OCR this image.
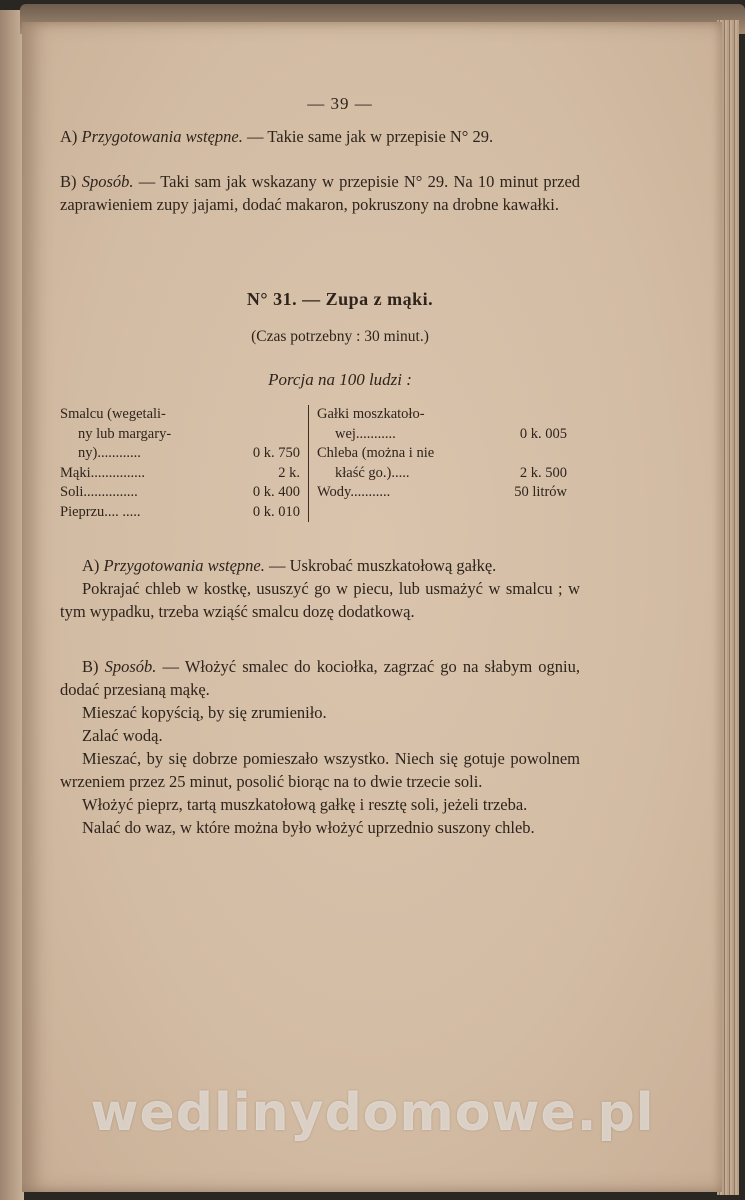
— 39 —

A) Przygotowania wstępne. — Takie same jak w przepisie N° 29.

B) Sposób. — Taki sam jak wskazany w przepisie N° 29. Na 10 minut przed zaprawieniem zupy jajami, dodać makaron, pokruszony na drobne kawałki.

N° 31. — Zupa z mąki.
(Czas potrzebny : 30 minut.)
Porcja na 100 ludzi :
Smalcu (wegetali-
ny lub margary-
ny)............	0 k. 750
Mąki...............	2 k.
Soli...............	0 k. 400
Pieprzu.... .....	0 k. 010
Gałki moszkatoło-
wej...........	0 k. 005
Chleba (można i nie
kłaść go.).....	2 k. 500
Wody...........	50 litrów

A) Przygotowania wstępne. — Uskrobać muszkatołową gałkę.

Pokrajać chleb w kostkę, ususzyć go w piecu, lub usmażyć w smalcu ; w tym wypadku, trzeba wziąść smalcu dozę dodatkową.

B) Sposób. — Włożyć smalec do kociołka, zagrzać go na słabym ogniu, dodać przesianą mąkę.

Mieszać kopyścią, by się zrumieniło.

Zalać wodą.

Mieszać, by się dobrze pomieszało wszystko. Niech się gotuje powolnem wrzeniem przez 25 minut, posolić biorąc na to dwie trzecie soli.

Włożyć pieprz, tartą muszkatołową gałkę i resztę soli, jeżeli trzeba.

Nalać do waz, w które można było włożyć uprzednio suszony chleb.

wedlinydomowe.pl
